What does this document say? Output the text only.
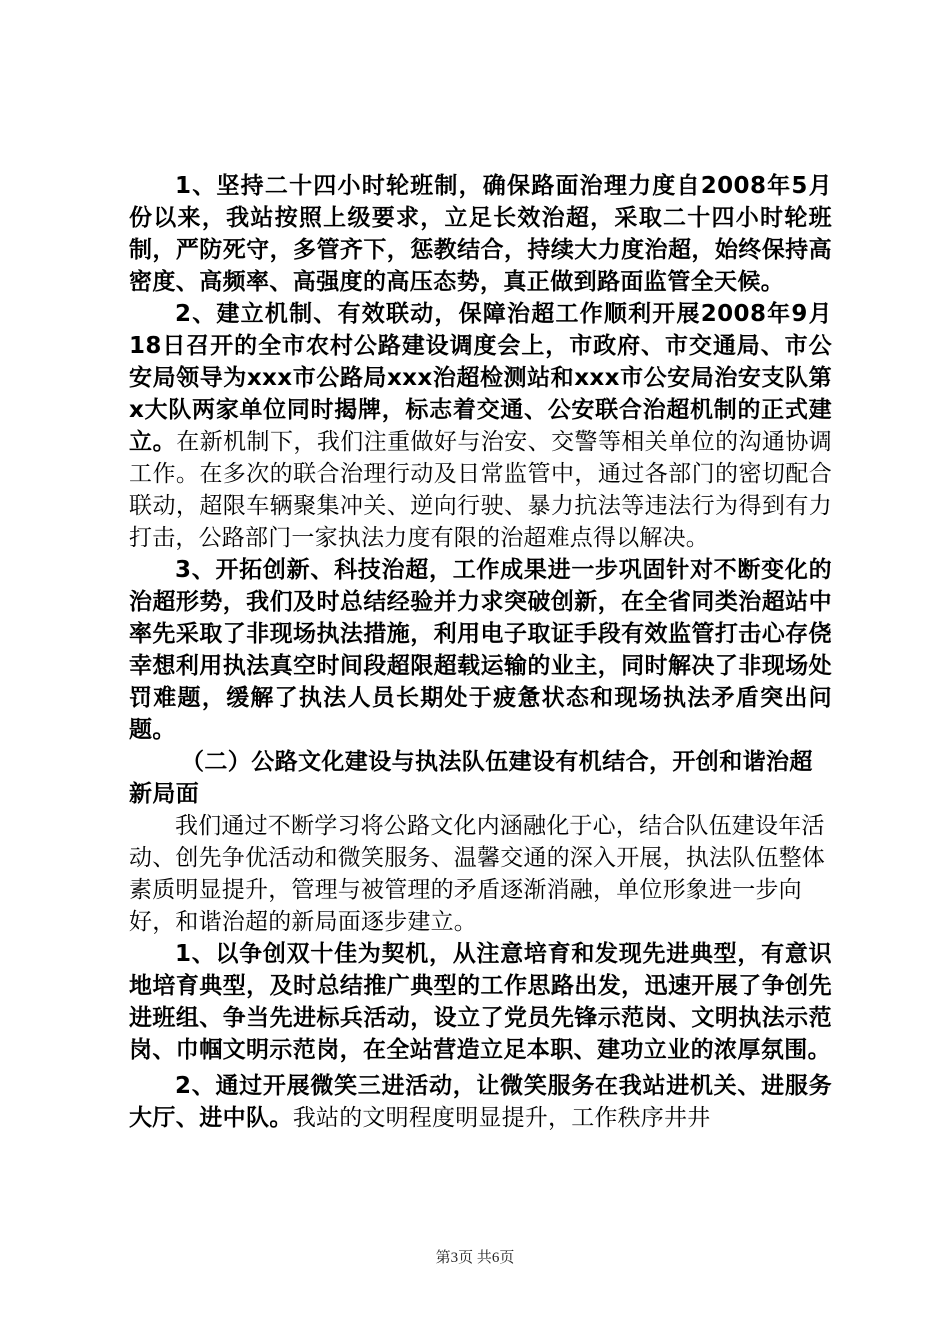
1、坚持二十四小时轮班制，确保路面治理力度自2008年5月份以来，我站按照上级要求，立足长效治超，采取二十四小时轮班制，严防死守，多管齐下，惩教结合，持续大力度治超，始终保持高密度、高频率、高强度的高压态势，真正做到路面监管全天候。

2、建立机制、有效联动，保障治超工作顺利开展2008年9月18日召开的全市农村公路建设调度会上，市政府、市交通局、市公安局领导为xxx市公路局xxx治超检测站和xxx市公安局治安支队第x大队两家单位同时揭牌，标志着交通、公安联合治超机制的正式建立。在新机制下，我们注重做好与治安、交警等相关单位的沟通协调工作。在多次的联合治理行动及日常监管中，通过各部门的密切配合联动，超限车辆聚集冲关、逆向行驶、暴力抗法等违法行为得到有力打击，公路部门一家执法力度有限的治超难点得以解决。

3、开拓创新、科技治超，工作成果进一步巩固针对不断变化的治超形势，我们及时总结经验并力求突破创新，在全省同类治超站中率先采取了非现场执法措施，利用电子取证手段有效监管打击心存侥幸想利用执法真空时间段超限超载运输的业主，同时解决了非现场处罚难题，缓解了执法人员长期处于疲惫状态和现场执法矛盾突出问题。

（二）公路文化建设与执法队伍建设有机结合，开创和谐治超新局面

我们通过不断学习将公路文化内涵融化于心，结合队伍建设年活动、创先争优活动和微笑服务、温馨交通的深入开展，执法队伍整体素质明显提升，管理与被管理的矛盾逐渐消融，单位形象进一步向好，和谐治超的新局面逐步建立。

1、以争创双十佳为契机，从注意培育和发现先进典型，有意识地培育典型，及时总结推广典型的工作思路出发，迅速开展了争创先进班组、争当先进标兵活动，设立了党员先锋示范岗、文明执法示范岗、巾帼文明示范岗，在全站营造立足本职、建功立业的浓厚氛围。

2、通过开展微笑三进活动，让微笑服务在我站进机关、进服务大厅、进中队。我站的文明程度明显提升，工作秩序井井

第3页 共6页
